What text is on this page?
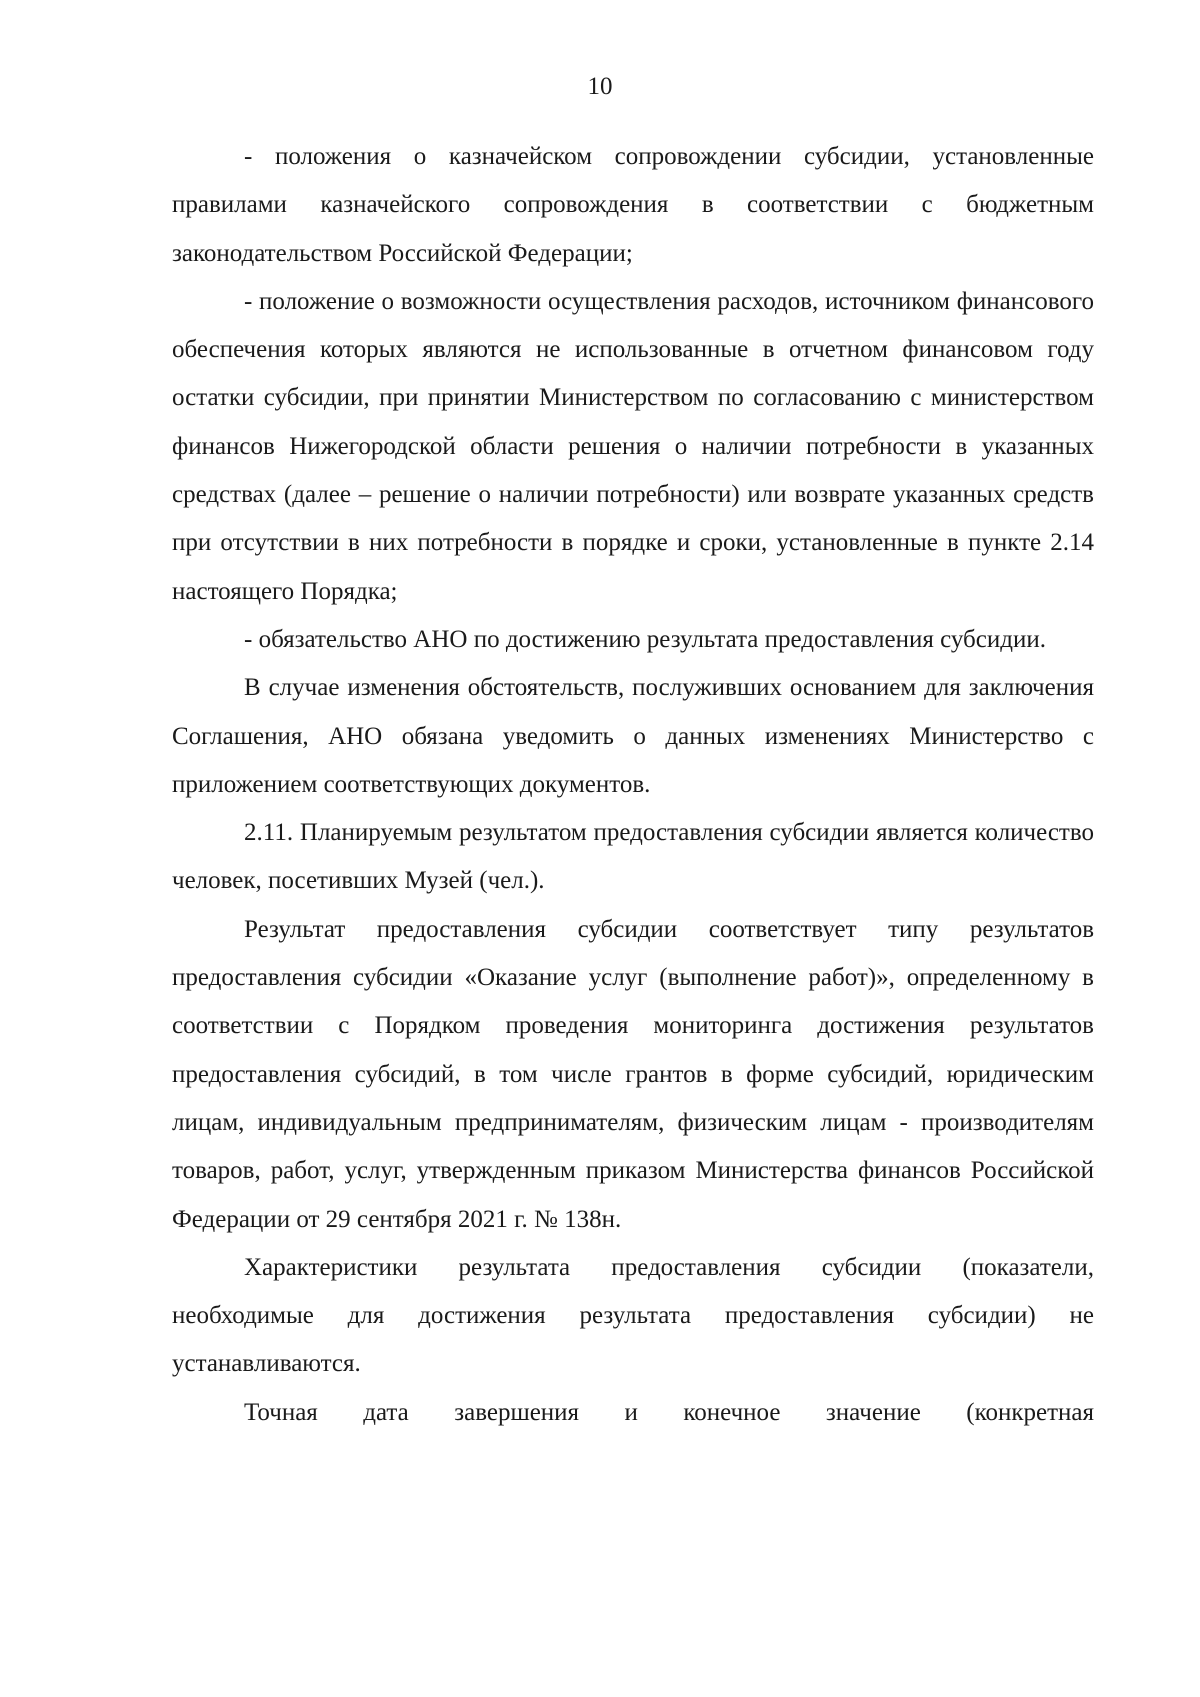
10

- положения о казначейском сопровождении субсидии, установленные правилами казначейского сопровождения в соответствии с бюджетным законодательством Российской Федерации;

- положение о возможности осуществления расходов, источником финансового обеспечения которых являются не использованные в отчетном финансовом году остатки субсидии, при принятии Министерством по согласованию с министерством финансов Нижегородской области решения о наличии потребности в указанных средствах (далее – решение о наличии потребности) или возврате указанных средств при отсутствии в них потребности в порядке и сроки, установленные в пункте 2.14 настоящего Порядка;

- обязательство АНО по достижению результата предоставления субсидии.

В случае изменения обстоятельств, послуживших основанием для заключения Соглашения, АНО обязана уведомить о данных изменениях Министерство с приложением соответствующих документов.

2.11. Планируемым результатом предоставления субсидии является количество человек, посетивших Музей (чел.).

Результат предоставления субсидии соответствует типу результатов предоставления субсидии «Оказание услуг (выполнение работ)», определенному в соответствии с Порядком проведения мониторинга достижения результатов предоставления субсидий, в том числе грантов в форме субсидий, юридическим лицам, индивидуальным предпринимателям, физическим лицам - производителям товаров, работ, услуг, утвержденным приказом Министерства финансов Российской Федерации от 29 сентября 2021 г. № 138н.

Характеристики результата предоставления субсидии (показатели, необходимые для достижения результата предоставления субсидии) не устанавливаются.

Точная дата завершения и конечное значение (конкретная
